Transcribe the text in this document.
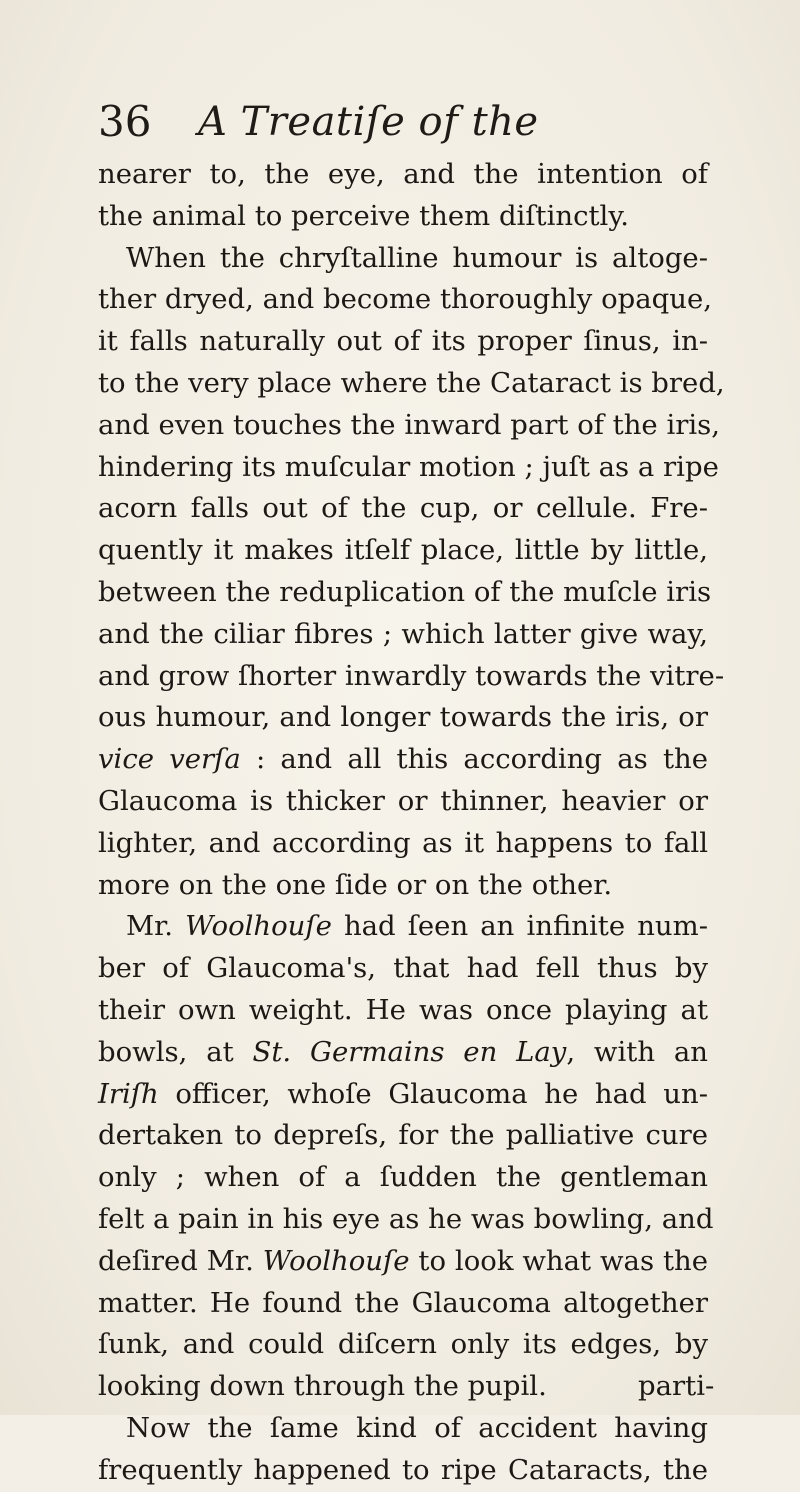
36 A Treatiſe of the
nearer to, the eye, and the intention of
the animal to perceive them diſtinctly.
When the chryſtalline humour is altoge-
ther dryed, and become thoroughly opaque,
it falls naturally out of its proper ſinus, in-
to the very place where the Cataract is bred,
and even touches the inward part of the iris,
hindering its muſcular motion ; juſt as a ripe
acorn falls out of the cup, or cellule. Fre-
quently it makes itſelf place, little by little,
between the reduplication of the muſcle iris
and the ciliar fibres ; which latter give way,
and grow ſhorter inwardly towards the vitre-
ous humour, and longer towards the iris, or
vice verſa : and all this according as the
Glaucoma is thicker or thinner, heavier or
lighter, and according as it happens to fall
more on the one ſide or on the other.
Mr. Woolhouſe had ſeen an infinite num-
ber of Glaucoma's, that had fell thus by
their own weight. He was once playing at
bowls, at St. Germains en Lay, with an
Iriſh officer, whoſe Glaucoma he had un-
dertaken to depreſs, for the palliative cure
only ; when of a ſudden the gentleman
felt a pain in his eye as he was bowling, and
deſired Mr. Woolhouſe to look what was the
matter. He found the Glaucoma altogether
ſunk, and could diſcern only its edges, by
looking down through the pupil.
Now the ſame kind of accident having
frequently happened to ripe Cataracts, the
parti-
